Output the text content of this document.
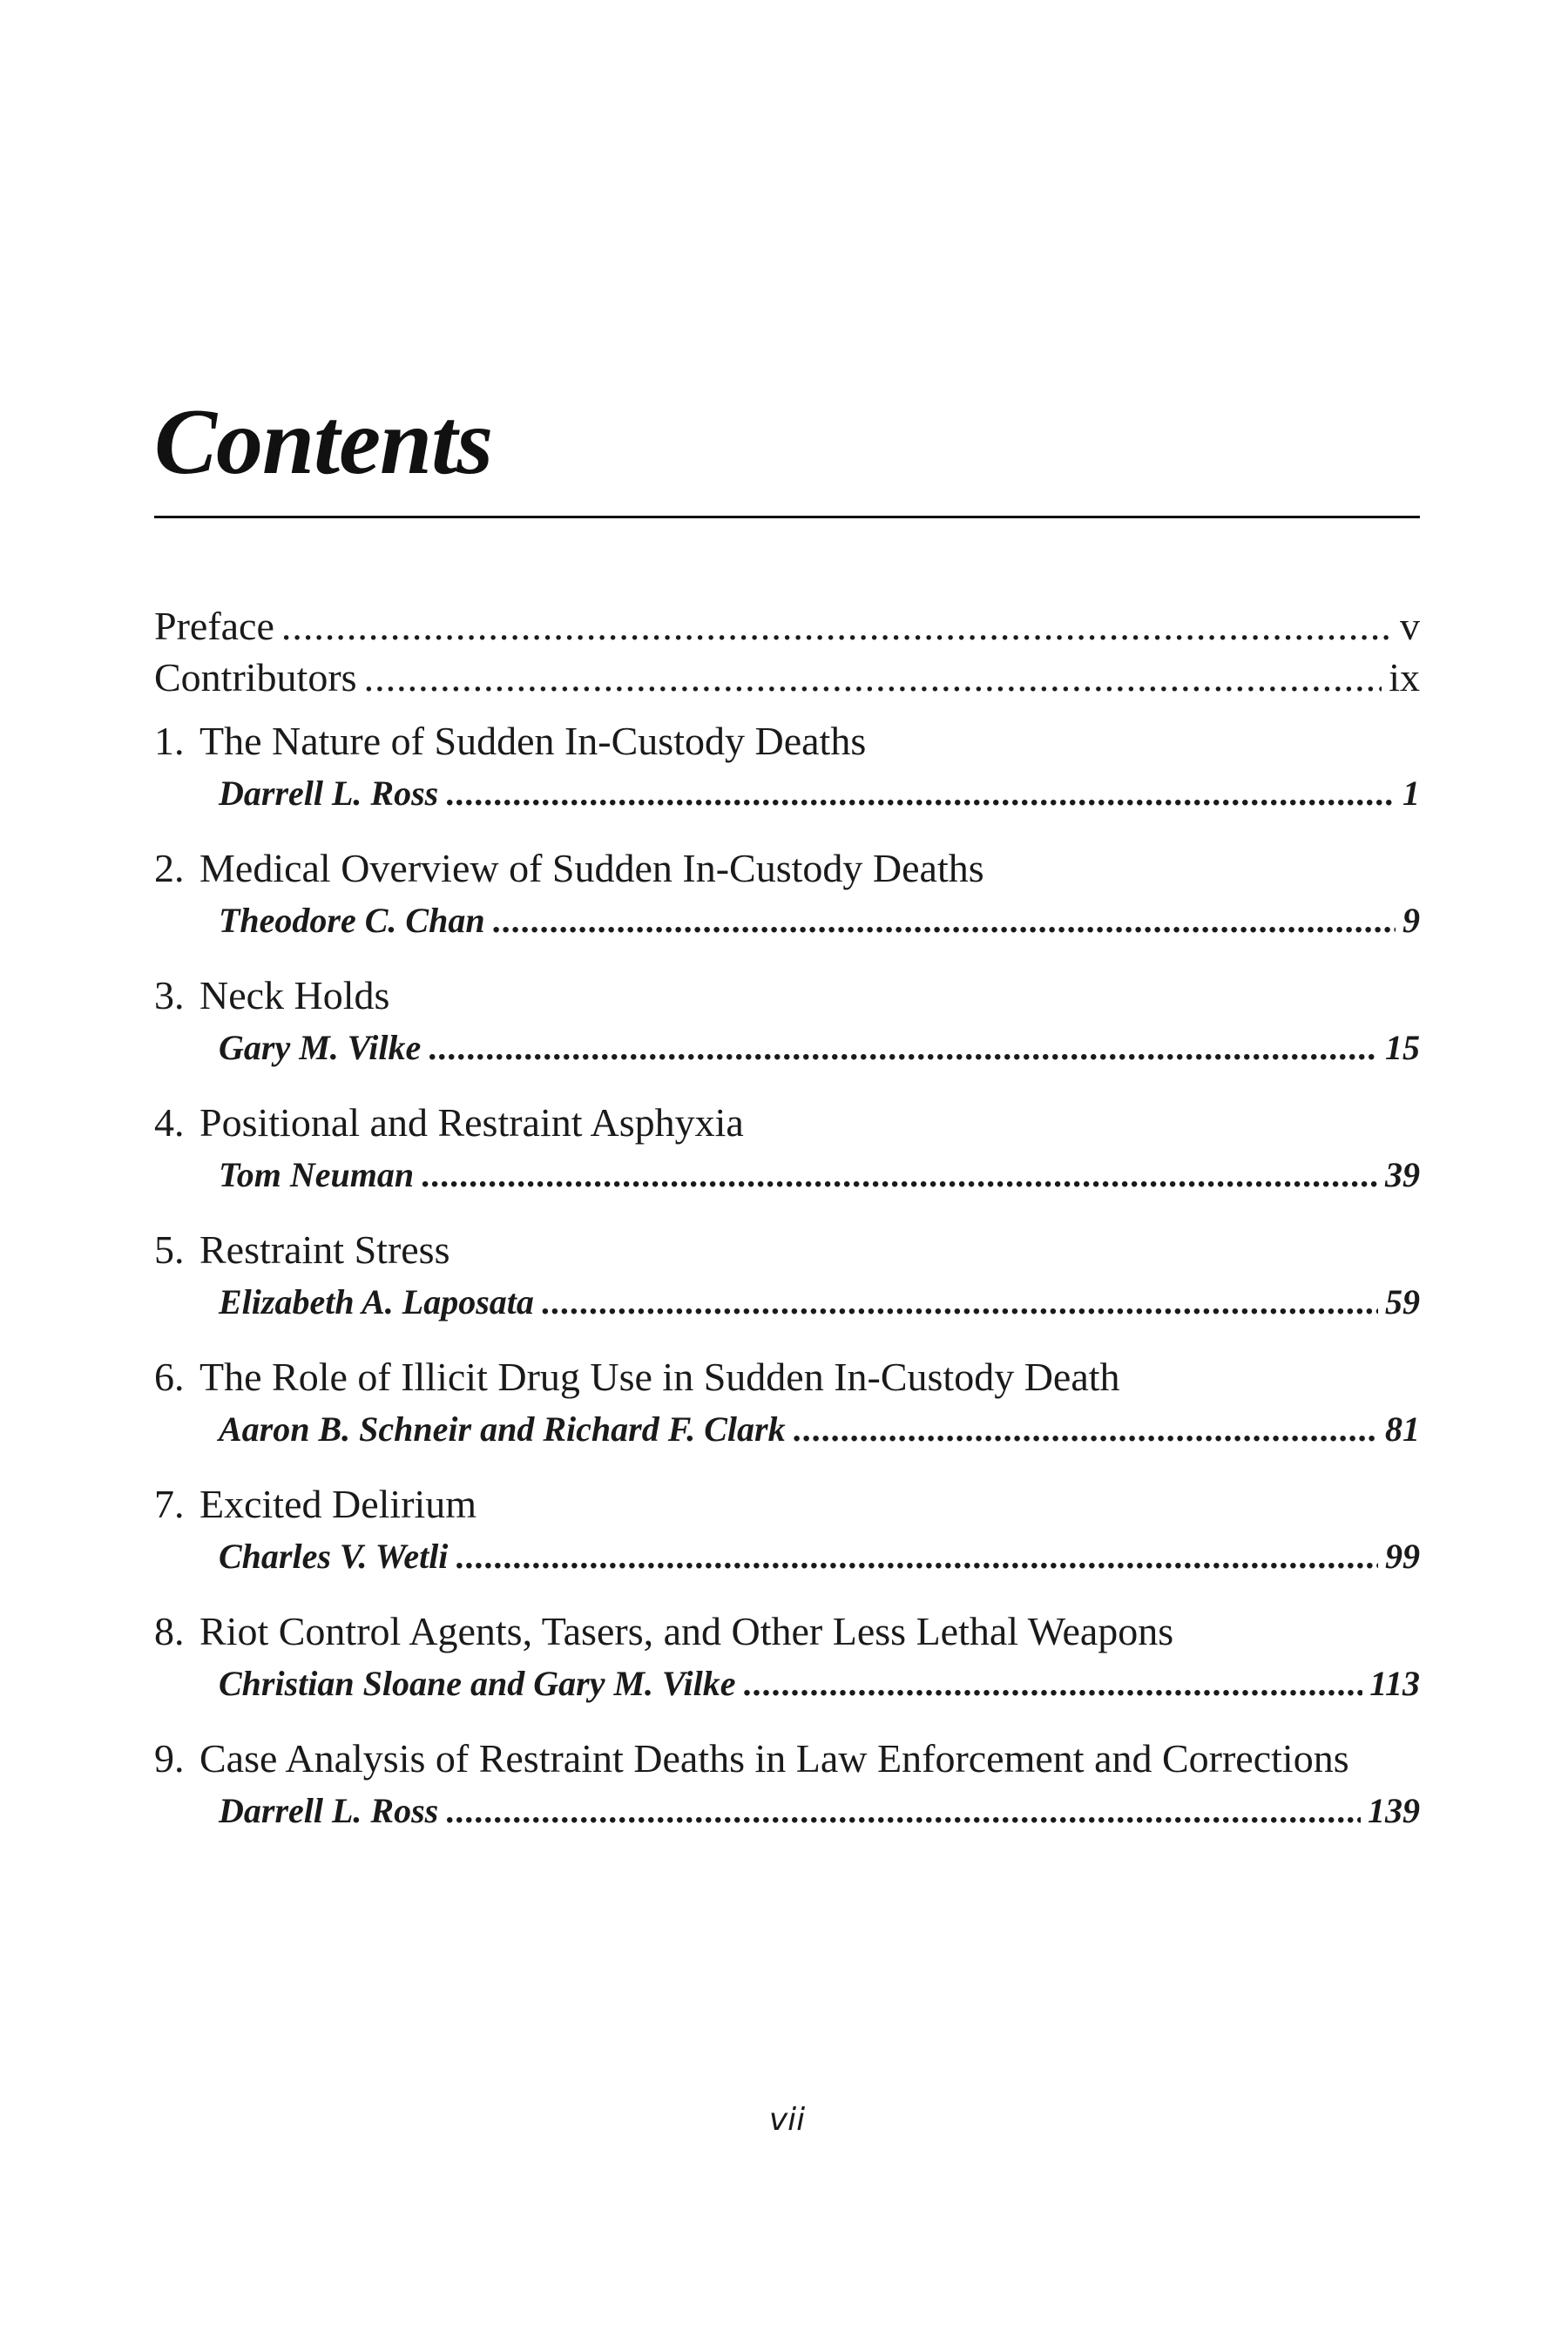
Contents
Preface .....	v
Contributors .....	ix
1. The Nature of Sudden In-Custody Deaths
Darrell L. Ross .....	1
2. Medical Overview of Sudden In-Custody Deaths
Theodore C. Chan .....	9
3. Neck Holds
Gary M. Vilke .....	15
4. Positional and Restraint Asphyxia
Tom Neuman .....	39
5. Restraint Stress
Elizabeth A. Laposata .....	59
6. The Role of Illicit Drug Use in Sudden In-Custody Death
Aaron B. Schneir and Richard F. Clark .....	81
7. Excited Delirium
Charles V. Wetli .....	99
8. Riot Control Agents, Tasers, and Other Less Lethal Weapons
Christian Sloane and Gary M. Vilke .....	113
9. Case Analysis of Restraint Deaths in Law Enforcement and Corrections
Darrell L. Ross .....	139
vii
